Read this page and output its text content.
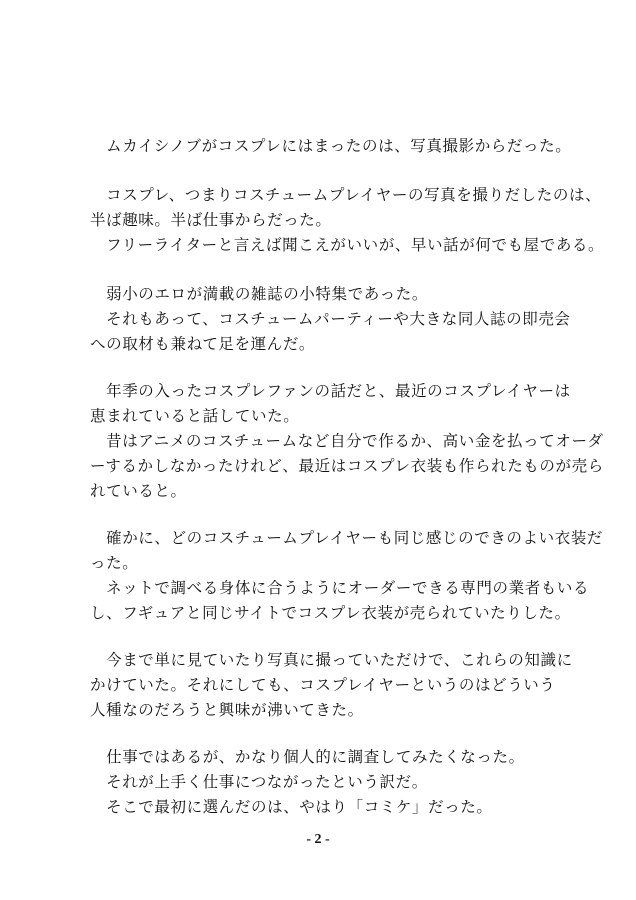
　ムカイシノブがコスプレにはまったのは、写真撮影からだった。
　コスプレ、つまりコスチュームプレイヤーの写真を撮りだしたのは、
半ば趣味。半ば仕事からだった。
　フリーライターと言えば聞こえがいいが、早い話が何でも屋である。
　弱小のエロが満載の雑誌の小特集であった。
　それもあって、コスチュームパーティーや大きな同人誌の即売会
への取材も兼ねて足を運んだ。
　年季の入ったコスプレファンの話だと、最近のコスプレイヤーは
恵まれていると話していた。
　昔はアニメのコスチュームなど自分で作るか、高い金を払ってオーダ
ーするかしなかったけれど、最近はコスプレ衣装も作られたものが売ら
れていると。
　確かに、どのコスチュームプレイヤーも同じ感じのできのよい衣装だ
った。
　ネットで調べる身体に合うようにオーダーできる専門の業者もいる
し、フギュアと同じサイトでコスプレ衣装が売られていたりした。
　今まで単に見ていたり写真に撮っていただけで、これらの知識に
かけていた。それにしても、コスプレイヤーというのはどういう
人種なのだろうと興味が沸いてきた。
　仕事ではあるが、かなり個人的に調査してみたくなった。
　それが上手く仕事につながったという訳だ。
　そこで最初に選んだのは、やはり「コミケ」だった。
- 2 -
